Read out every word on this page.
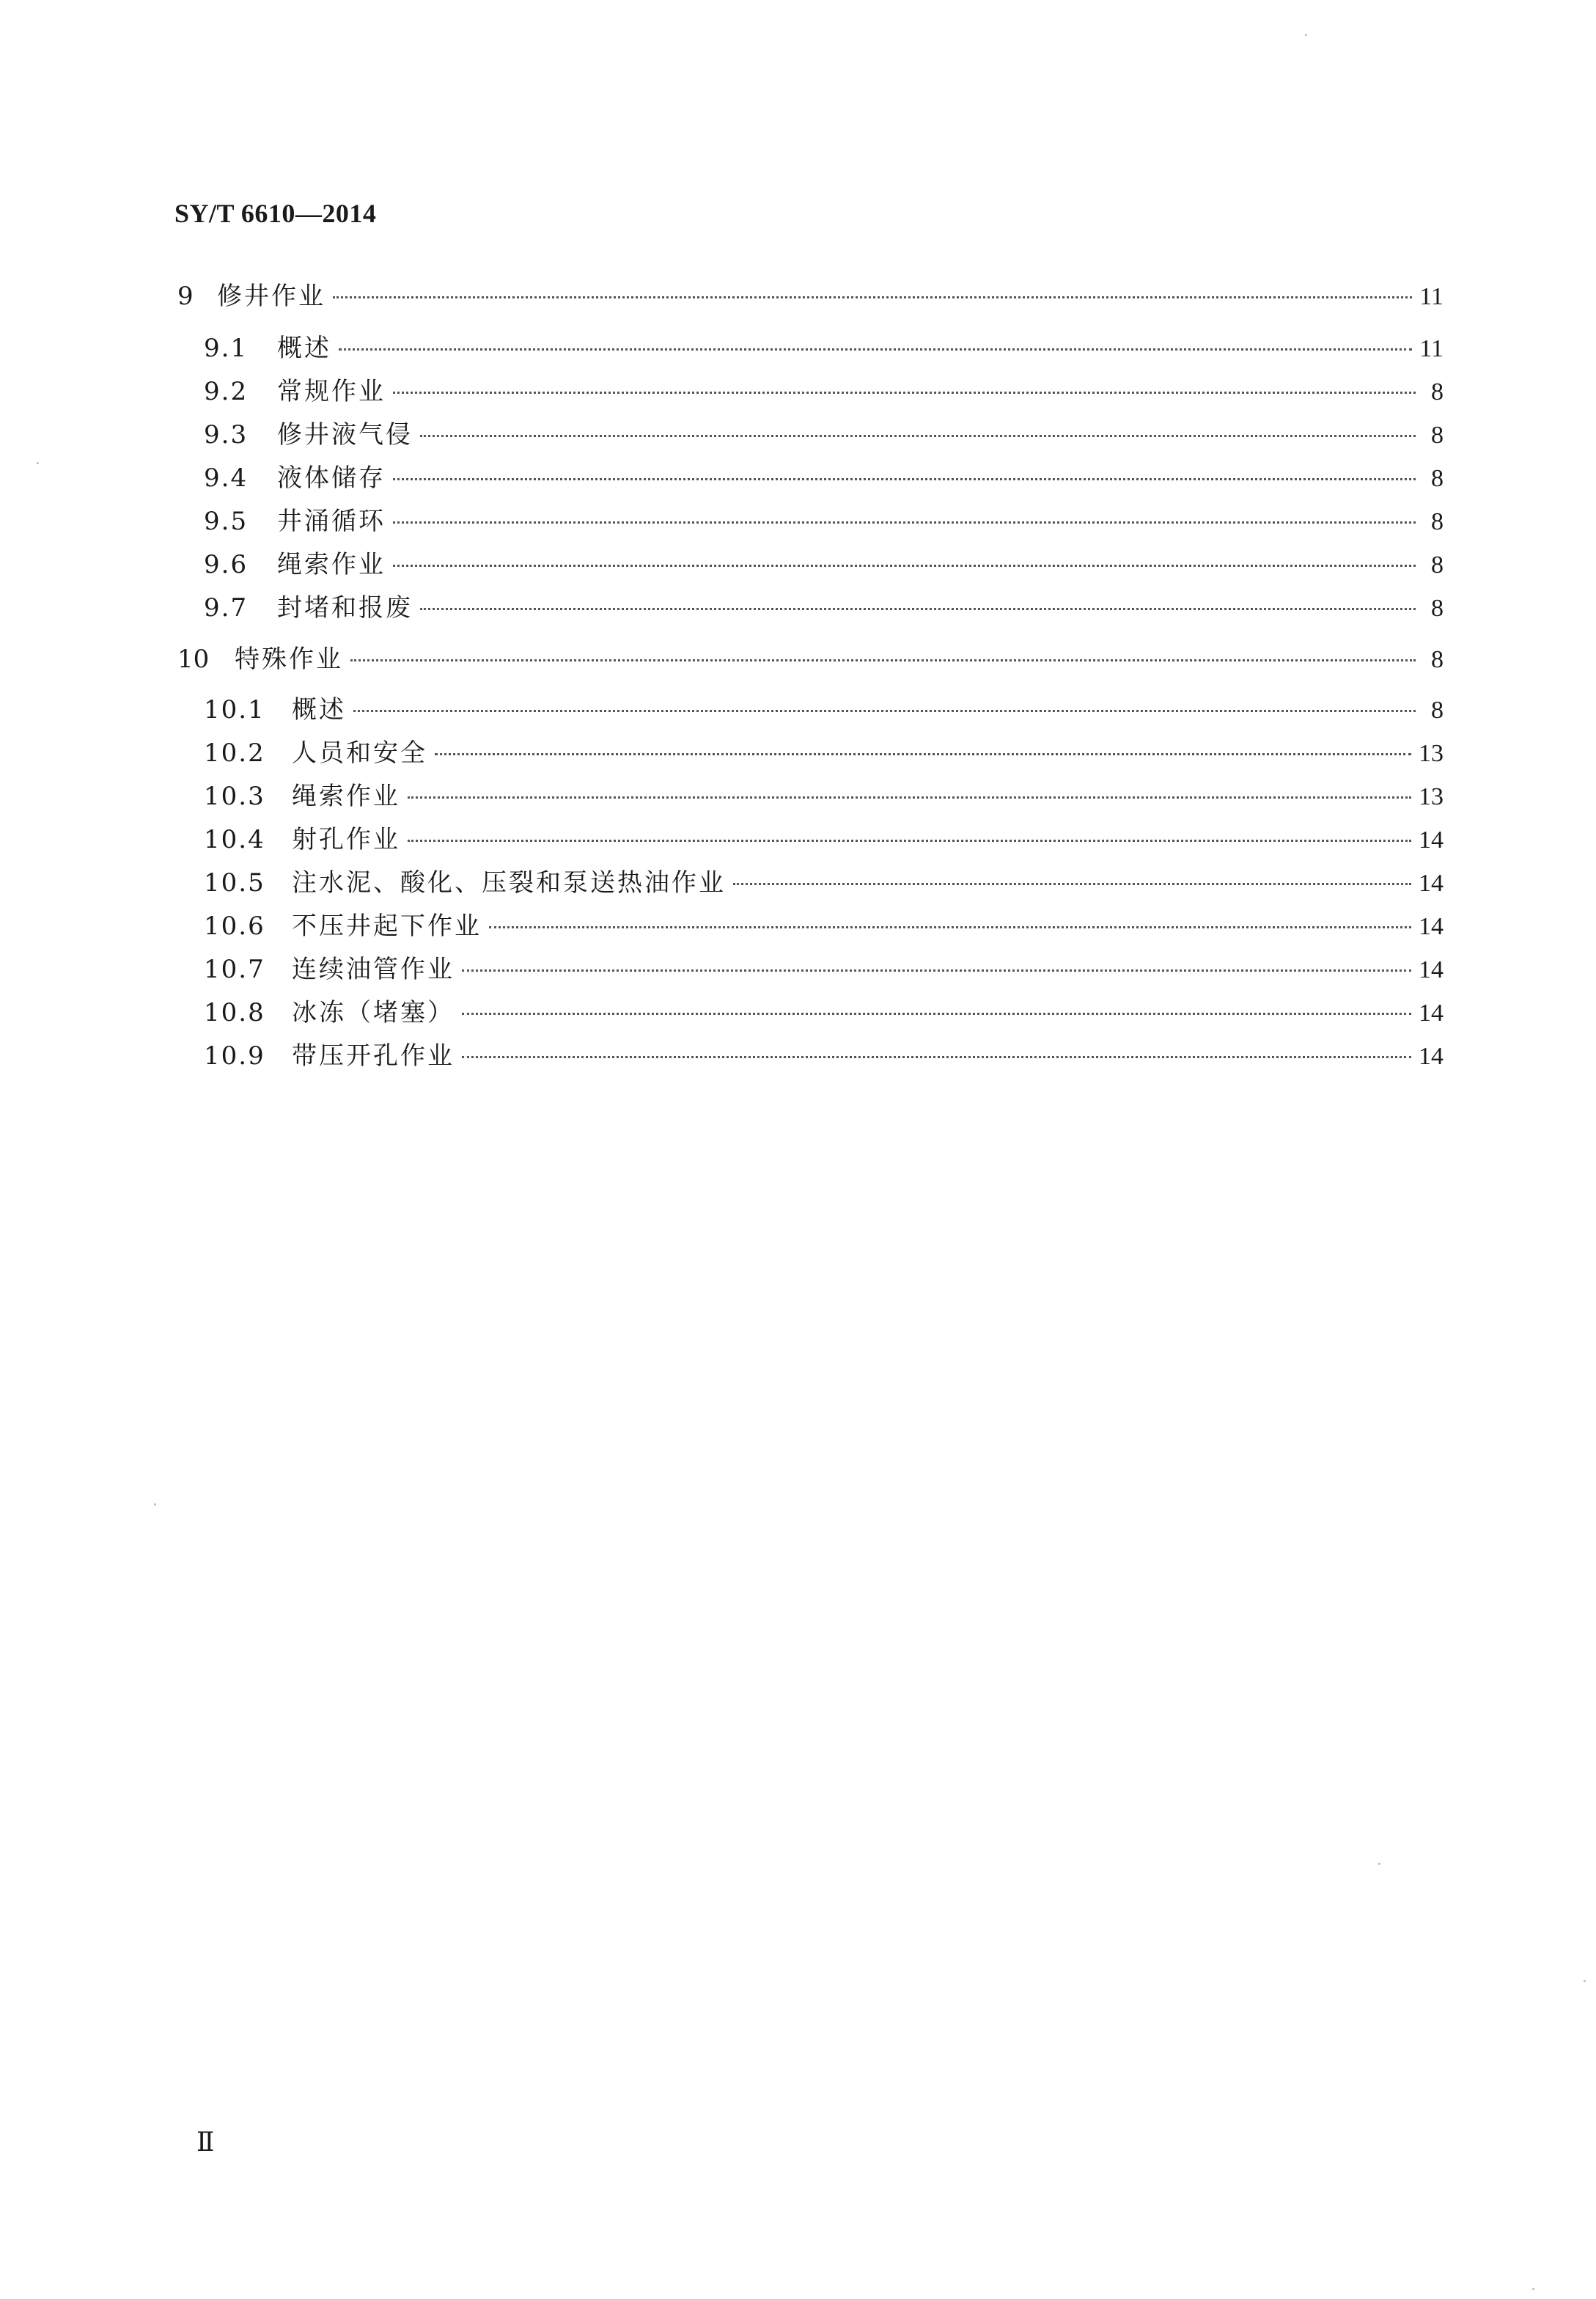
SY/T 6610—2014
9 修井作业	11
9.1	概述	11
9.2	常规作业	8
9.3	修井液气侵	8
9.4	液体储存	8
9.5	井涌循环	8
9.6	绳索作业	8
9.7	封堵和报废	8
10	特殊作业	8
10.1	概述	8
10.2	人员和安全	13
10.3	绳索作业	13
10.4	射孔作业	14
10.5	注水泥、酸化、压裂和泵送热油作业	14
10.6	不压井起下作业	14
10.7	连续油管作业	14
10.8	冰冻（堵塞）	14
10.9	带压开孔作业	14
Ⅱ
